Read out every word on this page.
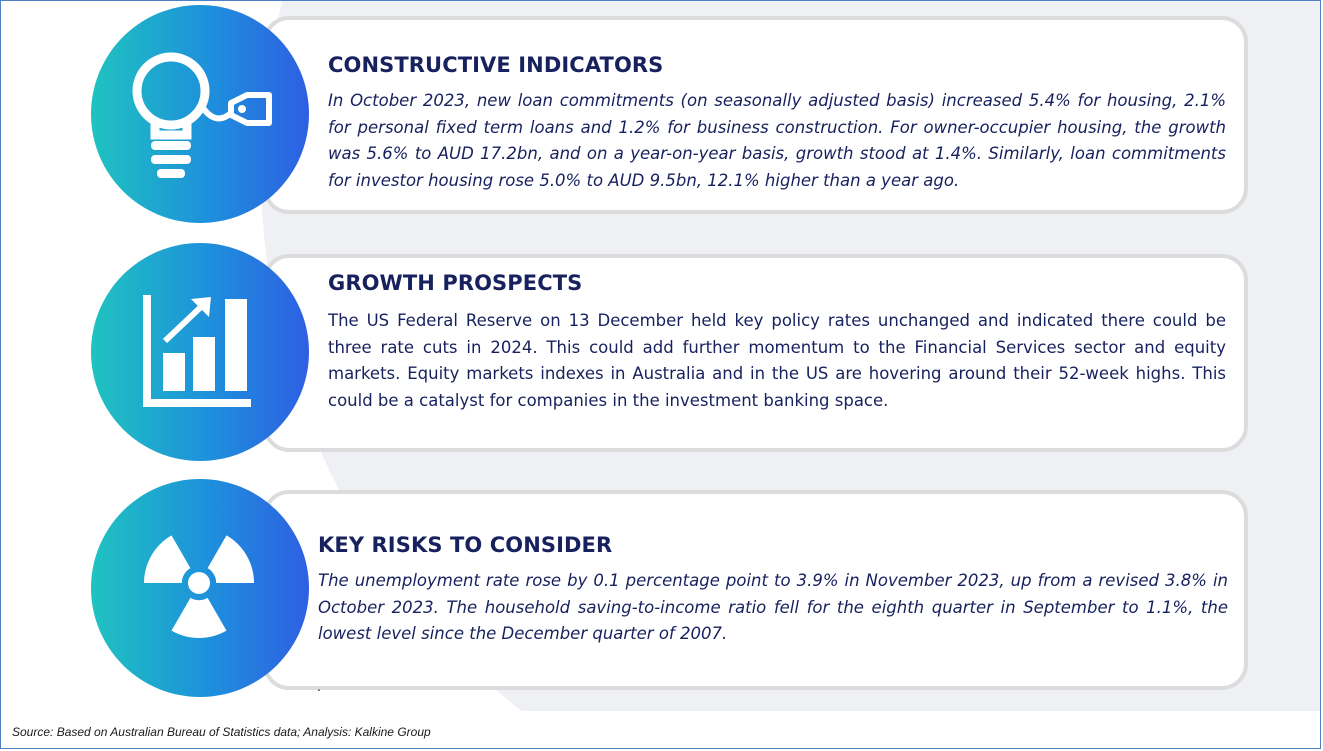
CONSTRUCTIVE INDICATORS
In October 2023, new loan commitments (on seasonally adjusted basis) increased 5.4% for housing, 2.1% for personal fixed term loans and 1.2% for business construction. For owner-occupier housing, the growth was 5.6% to AUD 17.2bn, and on a year-on-year basis, growth stood at 1.4%. Similarly, loan commitments for investor housing rose 5.0% to AUD 9.5bn, 12.1% higher than a year ago.
GROWTH PROSPECTS
The US Federal Reserve on 13 December held key policy rates unchanged and indicated there could be three rate cuts in 2024. This could add further momentum to the Financial Services sector and equity markets. Equity markets indexes in Australia and in the US are hovering around their 52-week highs. This could be a catalyst for companies in the investment banking space.
KEY RISKS TO CONSIDER
The unemployment rate rose by 0.1 percentage point to 3.9% in November 2023, up from a revised 3.8% in October 2023. The household saving-to-income ratio fell for the eighth quarter in September to 1.1%, the lowest level since the December quarter of 2007.
.
Source: Based on Australian Bureau of Statistics data; Analysis: Kalkine Group
